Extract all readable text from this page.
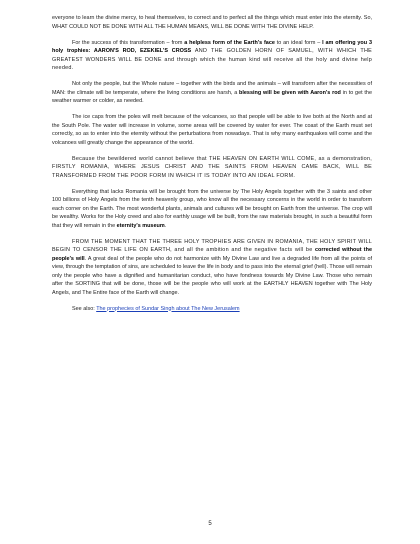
everyone to learn the divine mercy, to heal themselves, to correct and to perfect all the things which must enter into the eternity. So, WHAT COULD NOT BE DONE WITH ALL THE HUMAN MEANS, WILL BE DONE WITH THE DIVINE HELP.

For the success of this transformation – from a helpless form of the Earth's face to an ideal form – I am offering you 3 holy trophies: AARON'S ROD, EZEKIEL'S CROSS AND THE GOLDEN HORN OF SAMUEL, WITH WHICH THE GREATEST WONDERS WILL BE DONE and through which the human kind will receive all the holy and divine help needed.

Not only the people, but the Whole nature – together with the birds and the animals – will transform after the necessities of MAN: the climate will be temperate, where the living conditions are harsh, a blessing will be given with Aaron's rod in to get the weather warmer or colder, as needed.

The ice caps from the poles will melt because of the volcanoes, so that people will be able to live both at the North and at the South Pole. The water will increase in volume, some areas will be covered by water for ever. The coast of the Earth must set correctly, so as to enter into the eternity without the perturbations from nowadays. That is why many earthquakes will come and the volcanoes will greatly change the appearance of the world.

Because the bewildered world cannot believe that THE HEAVEN ON EARTH WILL COME, as a demonstration, FIRSTLY ROMANIA, WHERE JESUS CHRIST AND THE SAINTS FROM HEAVEN CAME BACK, WILL BE TRANSFORMED FROM THE POOR FORM IN WHICH IT IS TODAY INTO AN IDEAL FORM.

Everything that lacks Romania will be brought from the universe by The Holy Angels together with the 3 saints and other 100 billions of Holy Angels from the tenth heavenly group, who know all the necessary concerns in the world in order to transform each corner on the Earth. The most wonderful plants, animals and cultures will be brought on Earth from the universe. The crop will be wealthy. Works for the Holy creed and also for earthly usage will be built, from the raw materials brought, in such a beautiful form that they will remain in the eternity's museum.

FROM THE MOMENT THAT THE THREE HOLY TROPHIES ARE GIVEN IN ROMANIA, THE HOLY SPIRIT WILL BEGIN TO CENSOR THE LIFE ON EARTH, and all the ambition and the negative facts will be corrected without the people's will. A great deal of the people who do not harmonize with My Divine Law and live a degraded life from all the points of view, through the temptation of sins, are scheduled to leave the life in body and to pass into the eternal grief (hell). Those will remain only the people who have a dignified and humanitarian conduct, who have fondness towards My Divine Law. Those who remain after the SORTING that will be done, those will be the people who will work at the EARTHLY HEAVEN together with The Holy Angels, and The Entire face of the Earth will change.

See also: The prophecies of Sundar Singh about The New Jerusalem

5
